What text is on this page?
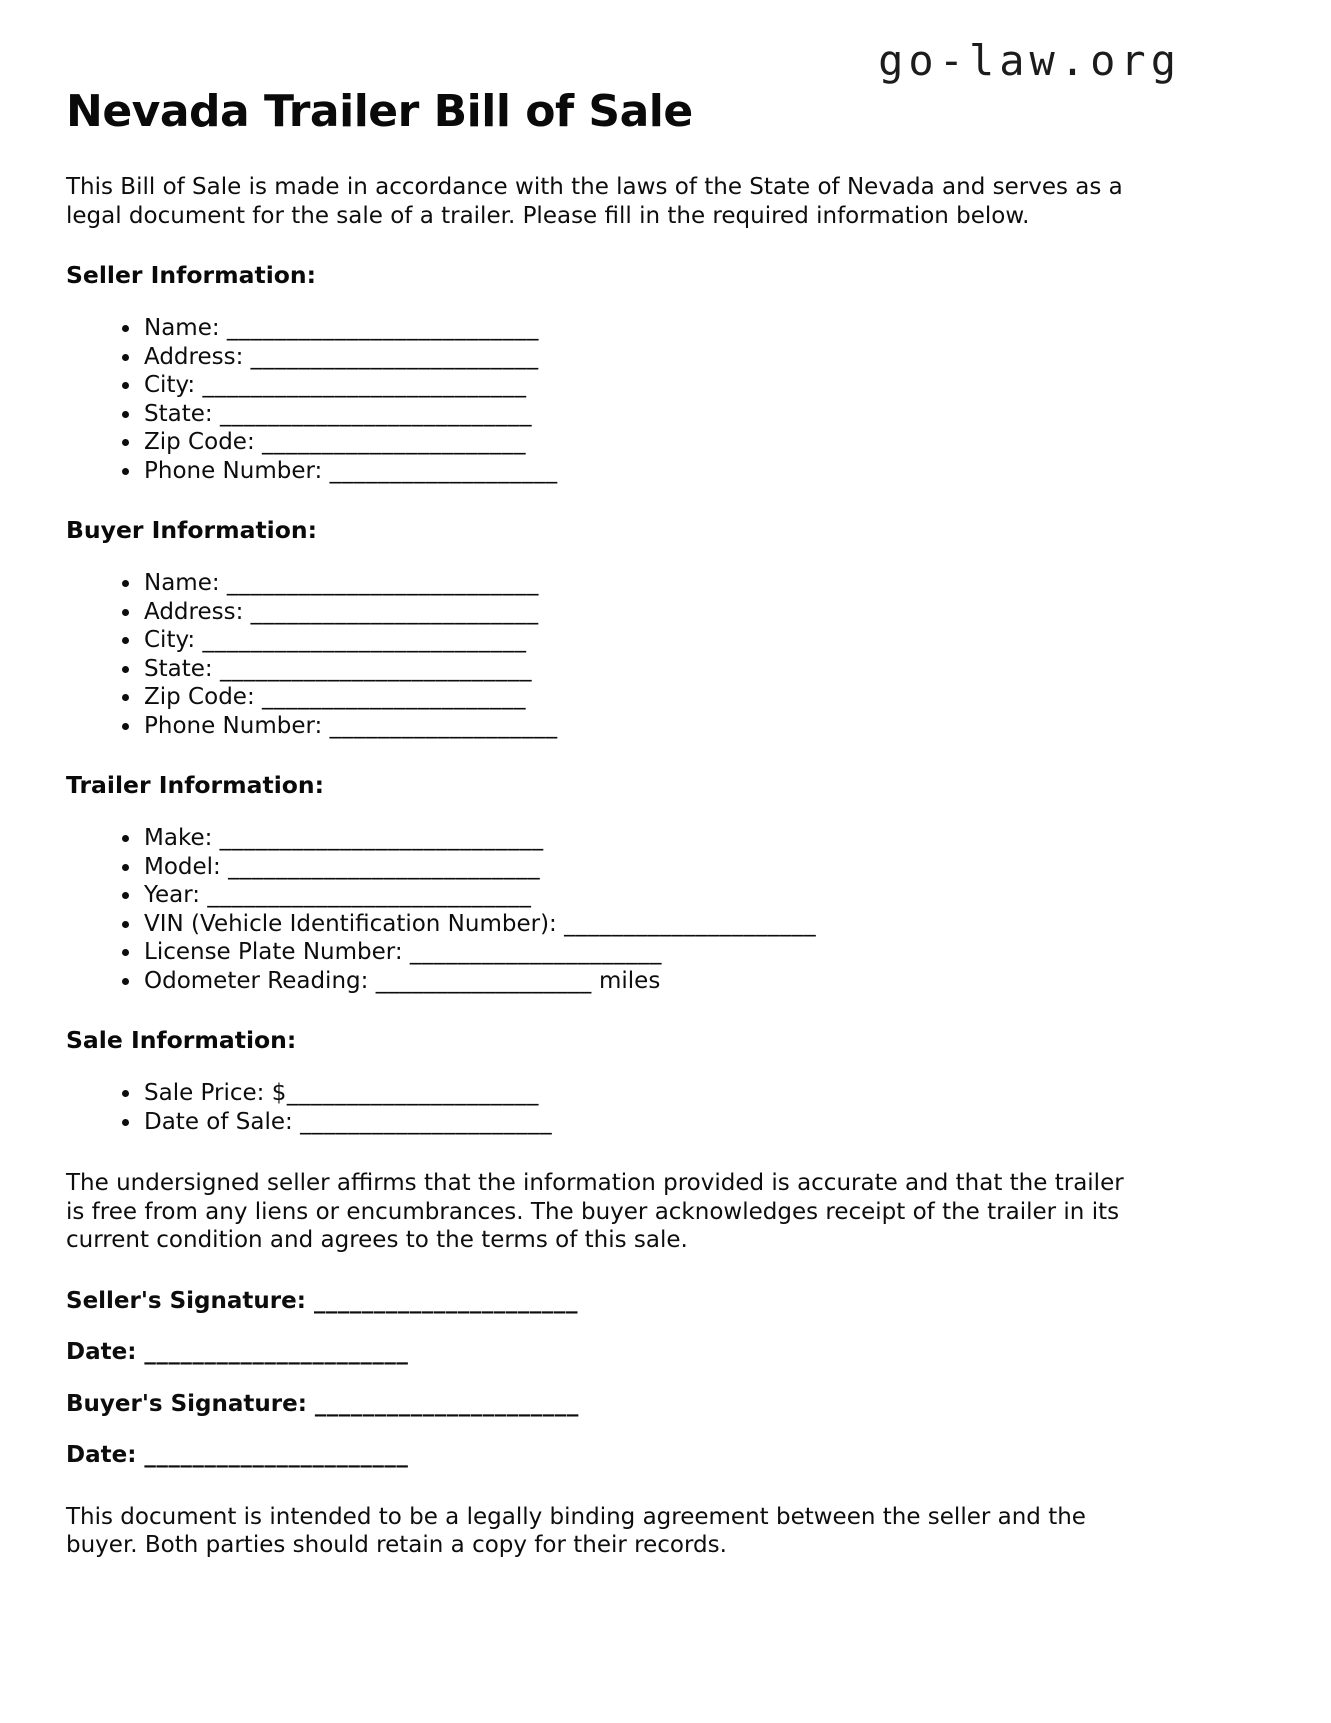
go-law.org
Nevada Trailer Bill of Sale

This Bill of Sale is made in accordance with the laws of the State of Nevada and serves as a legal document for the sale of a trailer. Please fill in the required information below.

Seller Information:
• Name: __________________________
• Address: ________________________
• City: ___________________________
• State: __________________________
• Zip Code: ______________________
• Phone Number: ___________________
Buyer Information:
• Name: __________________________
• Address: ________________________
• City: ___________________________
• State: __________________________
• Zip Code: ______________________
• Phone Number: ___________________
Trailer Information:
• Make: ___________________________
• Model: __________________________
• Year: ___________________________
• VIN (Vehicle Identification Number): _____________________
• License Plate Number: _____________________
• Odometer Reading: __________________ miles
Sale Information:
• Sale Price: $_____________________
• Date of Sale: _____________________

The undersigned seller affirms that the information provided is accurate and that the trailer is free from any liens or encumbrances. The buyer acknowledges receipt of the trailer in its current condition and agrees to the terms of this sale.

Seller's Signature: ______________________

Date: ______________________

Buyer's Signature: ______________________

Date: ______________________

This document is intended to be a legally binding agreement between the seller and the buyer. Both parties should retain a copy for their records.
